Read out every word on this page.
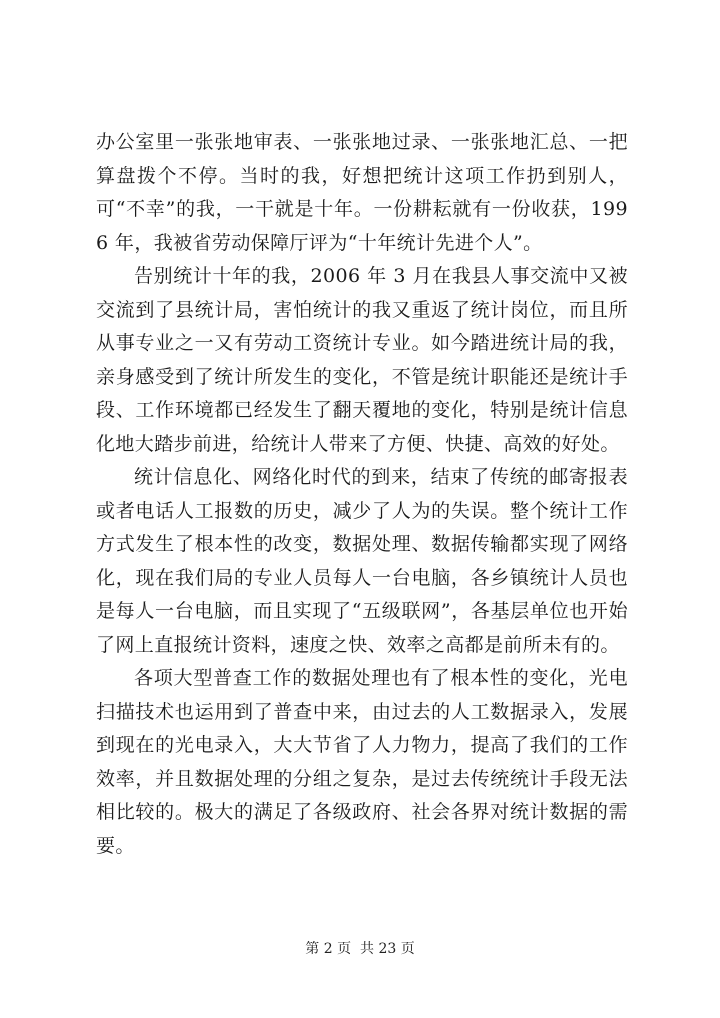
办公室里一张张地审表、一张张地过录、一张张地汇总、一把算盘拨个不停。当时的我，好想把统计这项工作扔到别人，可“不幸”的我，一干就是十年。一份耕耘就有一份收获，1996 年，我被省劳动保障厅评为“十年统计先进个人”。

告别统计十年的我，2006 年 3 月在我县人事交流中又被交流到了县统计局，害怕统计的我又重返了统计岗位，而且所从事专业之一又有劳动工资统计专业。如今踏进统计局的我，亲身感受到了统计所发生的变化，不管是统计职能还是统计手段、工作环境都已经发生了翻天覆地的变化，特别是统计信息化地大踏步前进，给统计人带来了方便、快捷、高效的好处。

统计信息化、网络化时代的到来，结束了传统的邮寄报表或者电话人工报数的历史，减少了人为的失误。整个统计工作方式发生了根本性的改变，数据处理、数据传输都实现了网络化，现在我们局的专业人员每人一台电脑，各乡镇统计人员也是每人一台电脑，而且实现了“五级联网”，各基层单位也开始了网上直报统计资料，速度之快、效率之高都是前所未有的。

各项大型普查工作的数据处理也有了根本性的变化，光电扫描技术也运用到了普查中来，由过去的人工数据录入，发展到现在的光电录入，大大节省了人力物力，提高了我们的工作效率，并且数据处理的分组之复杂，是过去传统统计手段无法相比较的。极大的满足了各级政府、社会各界对统计数据的需要。

第 2 页  共 23 页
